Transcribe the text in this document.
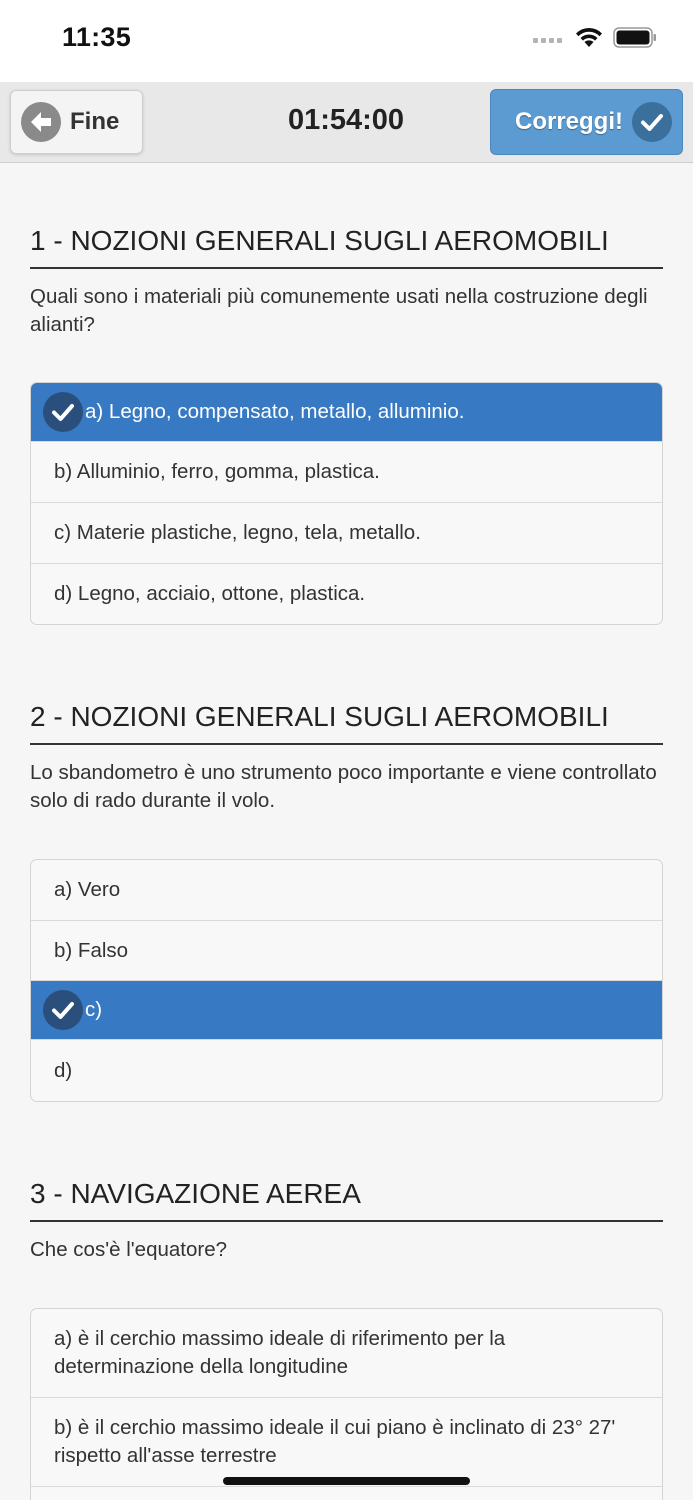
11:35
Fine	01:54:00	Correggi!
1 - NOZIONI GENERALI SUGLI AEROMOBILI
Quali sono i materiali più comunemente usati nella costruzione degli alianti?
a) Legno, compensato, metallo, alluminio.
b) Alluminio, ferro, gomma, plastica.
c) Materie plastiche, legno, tela, metallo.
d) Legno, acciaio, ottone, plastica.
2 - NOZIONI GENERALI SUGLI AEROMOBILI
Lo sbandometro è uno strumento poco importante e viene controllato solo di rado durante il volo.
a) Vero
b) Falso
c)
d)
3 - NAVIGAZIONE AEREA
Che cos'è l'equatore?
a) è il cerchio massimo ideale di riferimento per la determinazione della longitudine
b) è il cerchio massimo ideale il cui piano è inclinato di 23° 27' rispetto all'asse terrestre
